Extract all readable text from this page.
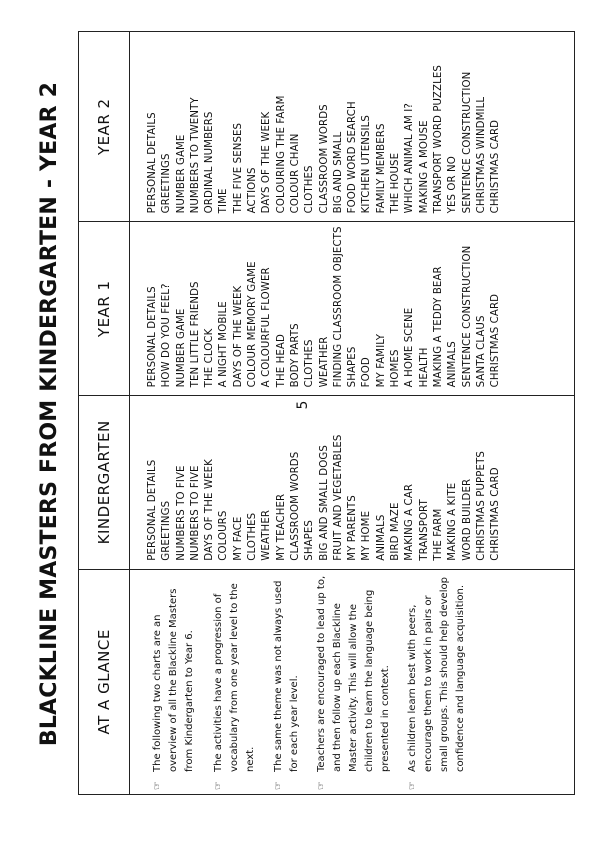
BLACKLINE MASTERS FROM KINDERGARTEN - YEAR 2	AT A GLANCE
KINDERGARTEN
YEAR 1
YEAR 2
☞
The following two charts are an overview of all the Blackline Masters from Kindergarten to Year 6.
☞
The activities have a progression of vocabulary from one year level to the next.
☞
The same theme was not always used for each year level.
☞
Teachers are encouraged to lead up to, and then follow up each Blackline Master activity. This will allow the children to learn the language being presented in context.
☞
As children learn best with peers, encourage them to work in pairs or small groups. This should help develop confidence and language acquisition.
PERSONAL DETAILS GREETINGS NUMBERS TO FIVE NUMBERS TO FIVE DAYS OF THE WEEK COLOURS MY FACE CLOTHES WEATHER MY TEACHER CLASSROOM WORDS SHAPES BIG AND SMALL DOGS FRUIT AND VEGETABLES MY PARENTS MY HOME ANIMALS BIRD MAZE MAKING A CAR TRANSPORT THE FARM MAKING A KITE WORD BUILDER CHRISTMAS PUPPETS CHRISTMAS CARD
PERSONAL DETAILS HOW DO YOU FEEL? NUMBER GAME TEN LITTLE FRIENDS THE CLOCK A NIGHT MOBILE DAYS OF THE WEEK COLOUR MEMORY GAME A COLOURFUL FLOWER THE HEAD BODY PARTS CLOTHES WEATHER FINDING CLASSROOM OBJECTS SHAPES FOOD MY FAMILY HOMES A HOME SCENE HEALTH MAKING A TEDDY BEAR ANIMALS SENTENCE CONSTRUCTION SANTA CLAUS CHRISTMAS CARD
PERSONAL DETAILS GREETINGS NUMBER GAME NUMBERS TO TWENTY ORDINAL NUMBERS TIME THE FIVE SENSES ACTIONS DAYS OF THE WEEK COLOURING THE FARM COLOUR CHAIN CLOTHES CLASSROOM WORDS BIG AND SMALL FOOD WORD SEARCH KITCHEN UTENSILS FAMILY MEMBERS THE HOUSE WHICH ANIMAL AM I? MAKING A MOUSE TRANSPORT WORD PUZZLES YES OR NO SENTENCE CONSTRUCTION CHRISTMAS WINDMILL CHRISTMAS CARD
5
